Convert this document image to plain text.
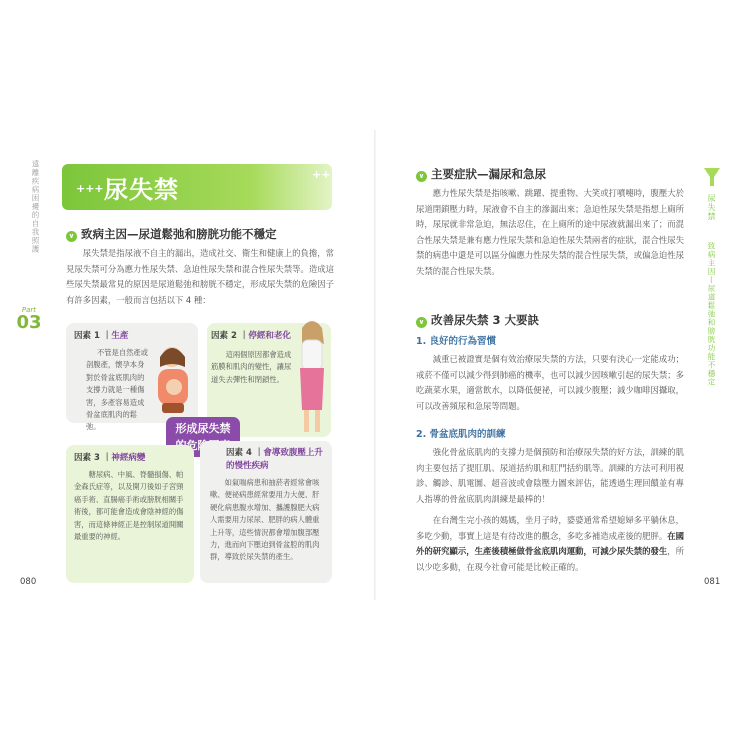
遠離疾病困擾的自我照護
Part
03
+++
++
尿失禁
∨ 致病主因—尿道鬆弛和膀胱功能不穩定
尿失禁是指尿液不自主的漏出，造成社交、衛生和健康上的負擔，常見尿失禁可分為應力性尿失禁、急迫性尿失禁和混合性尿失禁等。造成這些尿失禁最常見的原因是尿道鬆弛和膀胱不穩定，形成尿失禁的危險因子有許多因素，一般而言包括以下 4 種：
因素 1 ｜生產
不管是自然產或剖腹產，懷孕本身對於骨盆底肌肉的支撐力就是一種傷害，多產容易造成骨盆底肌肉的鬆弛。
因素 2 ｜停經和老化
這兩個原因都會造成筋膜和肌肉的變性，讓尿道失去彈性和閉鎖性。
形成尿失禁
因素 3 ｜神經病變
糖尿病、中風、脊髓損傷、帕金森氏症等，以及開刀後如子宮頸癌手術、直腸癌手術或膀胱相關手術後，都可能會造成會陰神經的傷害，而這條神經正是控制尿道開關最重要的神經。
因素 4 ｜會導致腹壓上升的慢性疾病
如氣喘病患和抽菸者經常會咳嗽、便祕病患經常要用力大便、肝硬化病患腹水增加、攜護腺肥大病人需要用力尿尿、肥胖的病人體重上升等，這些情況都會增加腹部壓力，進而向下壓迫到骨盆腔的肌肉群，導致於尿失禁的產生。
080
∨ 主要症狀—漏尿和急尿
應力性尿失禁是指咳嗽、跳躍、提重物、大笑或打噴嚏時，腹壓大於尿道閉鎖壓力時，尿液會不自主的滲漏出來；急迫性尿失禁是指想上廁所時，尿尿就非常急迫，無法忍住，在上廁所的途中尿液就漏出來了；而混合性尿失禁是兼有應力性尿失禁和急迫性尿失禁兩者的症狀，混合性尿失禁的病患中還是可以區分偏應力性尿失禁的混合性尿失禁，或偏急迫性尿失禁的混合性尿失禁。
∨ 改善尿失禁 3 大要訣
1. 良好的行為習慣
減重已被證實是個有效治療尿失禁的方法，只要有決心一定能成功；戒菸不僅可以減少得到肺癌的機率，也可以減少因咳嗽引起的尿失禁；多吃蔬菜水果，適當飲水，以降低便祕，可以減少腹壓；減少咖啡因攝取，可以改善頻尿和急尿等問題。
2. 骨盆底肌肉的訓練
強化骨盆底肌肉的支撐力是個預防和治療尿失禁的好方法，訓練的肌肉主要包括了提肛肌、尿道括約肌和肛門括約肌等。訓練的方法可利用視診、觸診、肌電圖、超音波或會陰壓力圖來評估，能透過生理回饋並有專人指導的骨盆底肌肉訓練是最棒的！
在台灣生完小孩的媽媽，坐月子時，婆婆通常希望媳婦多平躺休息，多吃少動，事實上這是有待改進的觀念，多吃多補造成產後的肥胖。在國外的研究顯示，生產後積極做骨盆底肌肉運動，可減少尿失禁的發生，所以少吃多動，在現今社會可能是比較正確的。
081
尿失禁
致病主因—尿道鬆弛和膀胱功能不穩定
